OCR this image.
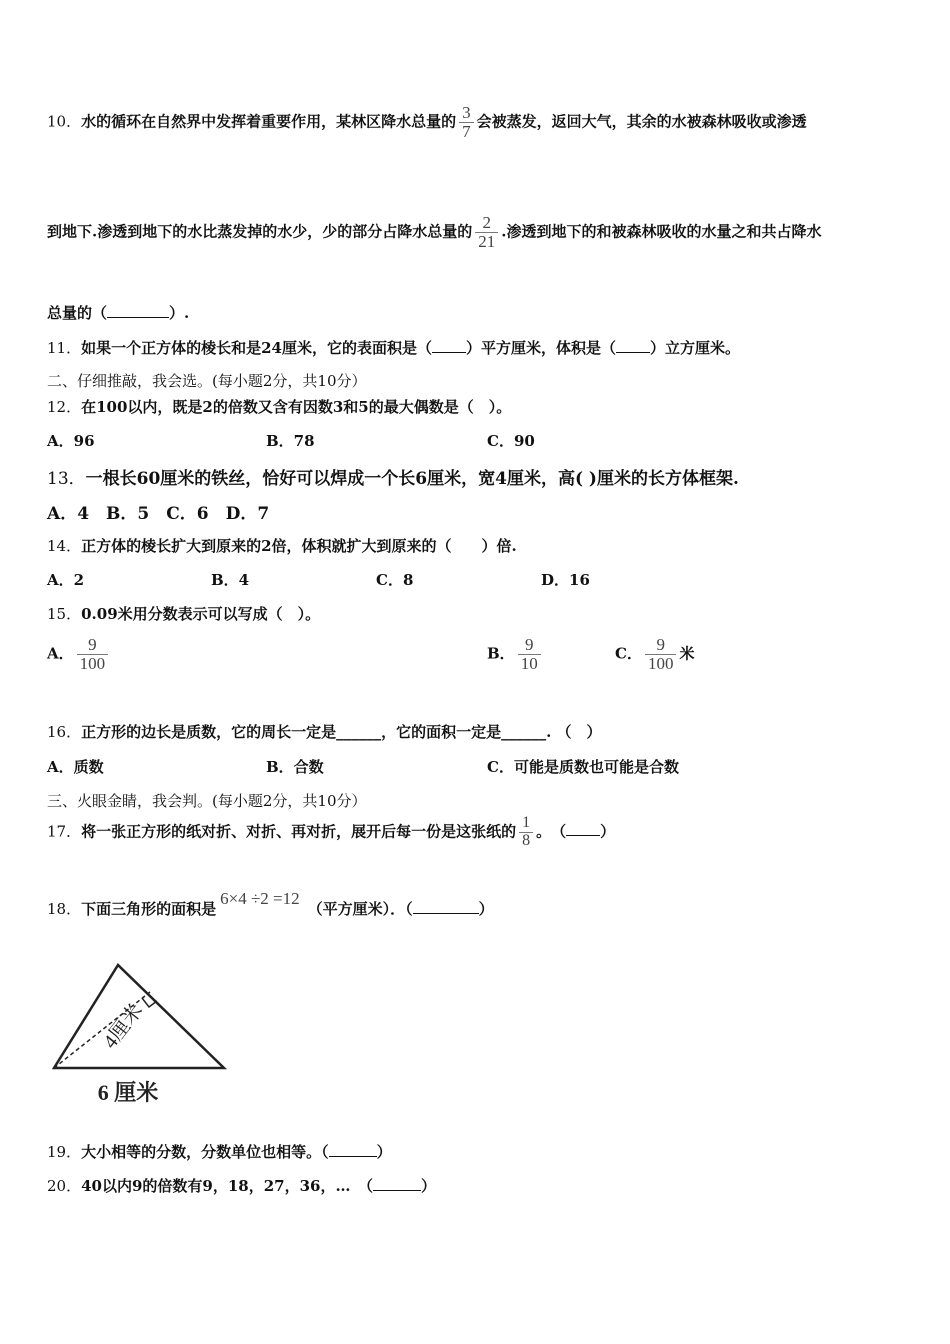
10．水的循环在自然界中发挥着重要作用，某林区降水总量的 $\frac{3}{7}$ 会被蒸发，返回大气，其余的水被森林吸收或渗透
到地下.渗透到地下的水比蒸发掉的水少，少的部分占降水总量的 $\frac{2}{21}$ .渗透到地下的和被森林吸收的水量之和共占降水
总量的（	）.
11．如果一个正方体的棱长和是24厘米，它的表面积是（ ）平方厘米，体积是（ ）立方厘米。
二、仔细推敲，我会选。(每小题2分，共10分）
12．在100以内，既是2的倍数又含有因数3和5的最大偶数是（　）。
A．96	B．78	C．90
13．一根长60厘米的铁丝，恰好可以焊成一个长6厘米，宽4厘米，高( )厘米的长方体框架.
A．4　B．5　C．6　D．7
14．正方体的棱长扩大到原来的2倍，体积就扩大到原来的（　　）倍.
A．2	B．4	C．8	D．16
15．0.09米用分数表示可以写成（　）。
A． $\frac{9}{100}$	B． $\frac{9}{10}$	C． $\frac{9}{100}$ 米
16．正方形的边长是质数，它的周长一定是______，它的面积一定是______. （　）
A．质数	B．合数	C．可能是质数也可能是合数
三、火眼金睛，我会判。(每小题2分，共10分）
17．将一张正方形的纸对折、对折、再对折，展开后每一份是这张纸的 $\frac{1}{8}$ 。　（ ）
18．下面三角形的面积是6×4 ÷2 =12（平方厘米）．（	）
4厘米
6 厘米
19．大小相等的分数，分数单位也相等。（	）
20．40以内9的倍数有9，18，27，36，…　（	）
